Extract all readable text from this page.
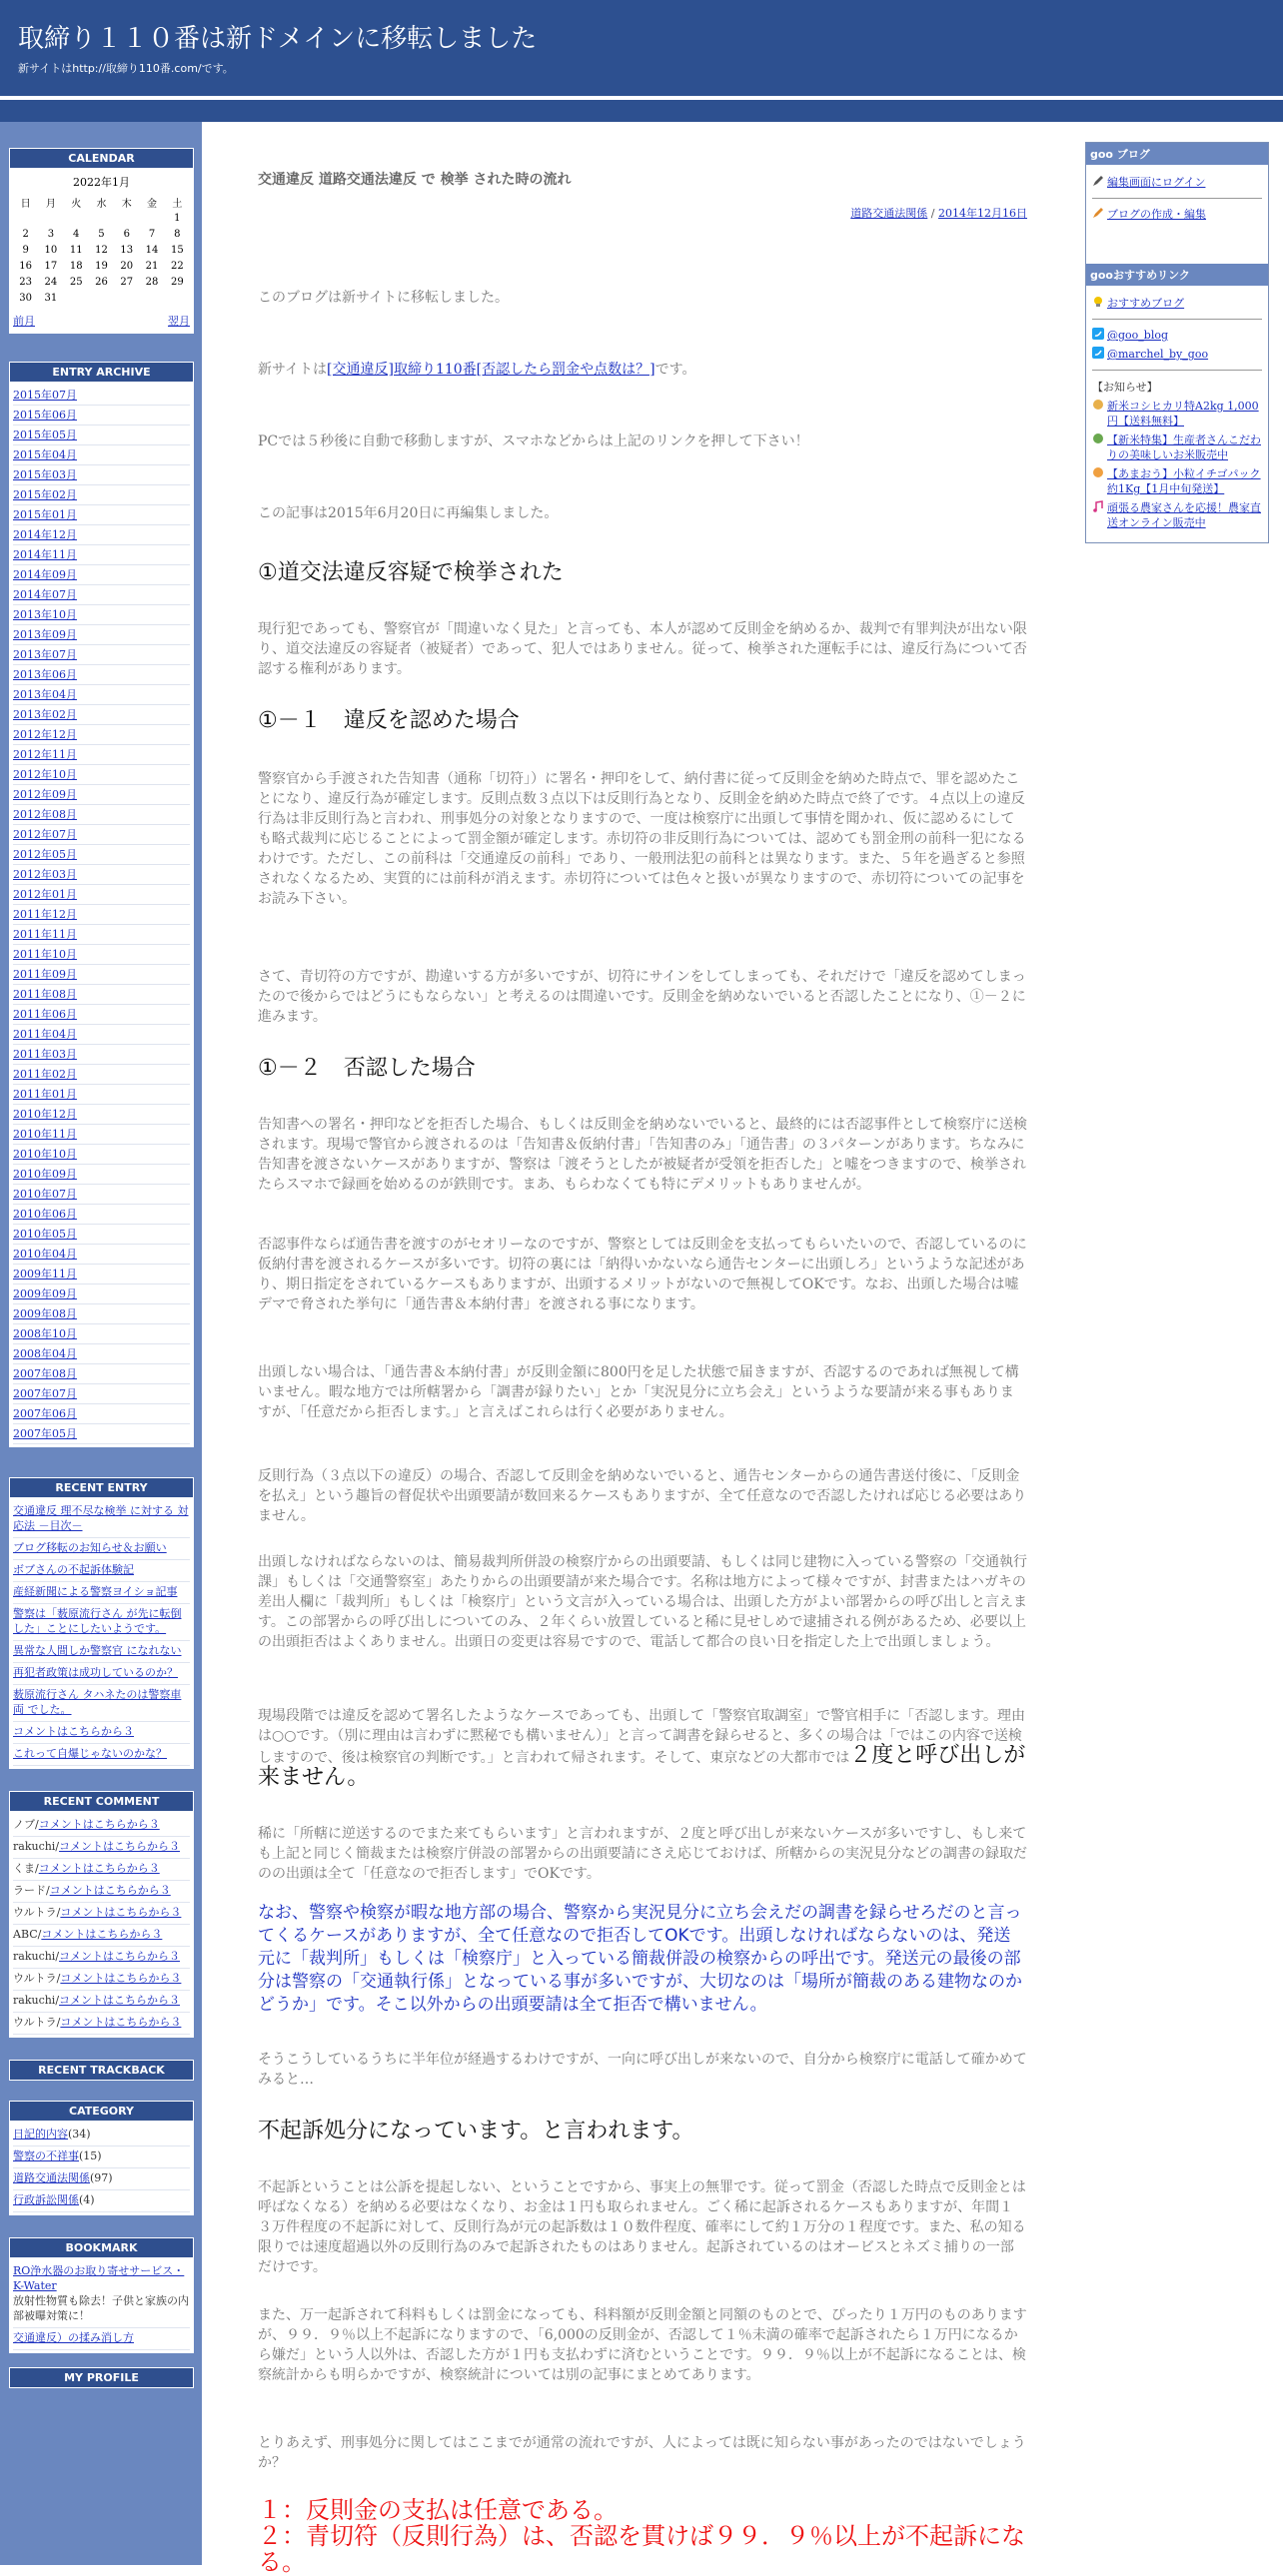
取締り１１０番は新ドメインに移転しました
新サイトはhttp://取締り110番.com/です。
CALENDAR
2022年1月
日	月	火	水	木	金	土
						1
2	3	4	5	6	7	8
9	10	11	12	13	14	15
16	17	18	19	20	21	22
23	24	25	26	27	28	29
30	31					
前月	翌月
ENTRY ARCHIVE
2015年07月
2015年06月
2015年05月
2015年04月
2015年03月
2015年02月
2015年01月
2014年12月
2014年11月
2014年09月
2014年07月
2013年10月
2013年09月
2013年07月
2013年06月
2013年04月
2013年02月
2012年12月
2012年11月
2012年10月
2012年09月
2012年08月
2012年07月
2012年05月
2012年03月
2012年01月
2011年12月
2011年11月
2011年10月
2011年09月
2011年08月
2011年06月
2011年04月
2011年03月
2011年02月
2011年01月
2010年12月
2010年11月
2010年10月
2010年09月
2010年07月
2010年06月
2010年05月
2010年04月
2009年11月
2009年09月
2009年08月
2008年10月
2008年04月
2007年08月
2007年07月
2007年06月
2007年05月
RECENT ENTRY
交通違反 理不尽な検挙 に対する 対応法 －目次－
ブログ移転のお知らせ＆お願い
ボブさんの不起訴体験記
産経新聞による警察ヨイショ記事
警察は「薮原流行さん が先に転倒した」ことにしたいようです。
異常な人間しか警察官 になれない
再犯者政策は成功しているのか？
薮原流行さん タハネたのは警察車両 でした。
コメントはこちらから３
これって自爆じゃないのかな？
RECENT COMMENT
ノブ/コメントはこちらから３
rakuchi/コメントはこちらから３
くま/コメントはこちらから３
ラード/コメントはこちらから３
ウルトラ/コメントはこちらから３
ABC/コメントはこちらから３
rakuchi/コメントはこちらから３
ウルトラ/コメントはこちらから３
rakuchi/コメントはこちらから３
ウルトラ/コメントはこちらから３
RECENT TRACKBACK
CATEGORY
日記的内容(34)
警察の不祥事(15)
道路交通法関係(97)
行政訴訟関係(4)
BOOKMARK
RO浄水器のお取り寄せサービス・K-Water
放射性物質も除去！子供と家族の内部被曝対策に！
交通違反）の揉み消し方
MY PROFILE
交通違反 道路交通法違反 で 検挙 された時の流れ
道路交通法関係 / 2014年12月16日

このブログは新サイトに移転しました。

新サイトは[交通違反]取締り110番[否認したら罰金や点数は？]です。

PCでは５秒後に自動で移動しますが、スマホなどからは上記のリンクを押して下さい！

この記事は2015年6月20日に再編集しました。

①道交法違反容疑で検挙された

現行犯であっても、警察官が「間違いなく見た」と言っても、本人が認めて反則金を納めるか、裁判で有罪判決が出ない限り、道交法違反の容疑者（被疑者）であって、犯人ではありません。従って、検挙された運転手には、違反行為について否認する権利があります。

①－１　違反を認めた場合

警察官から手渡された告知書（通称「切符」）に署名・押印をして、納付書に従って反則金を納めた時点で、罪を認めたことになり、違反行為が確定します。反則点数３点以下は反則行為となり、反則金を納めた時点で終了です。４点以上の違反行為は非反則行為と言われ、刑事処分の対象となりますので、一度は検察庁に出頭して事情を聞かれ、仮に認めるにしても略式裁判に応じることによって罰金額が確定します。赤切符の非反則行為については、認めても罰金刑の前科一犯になるわけです。ただし、この前科は「交通違反の前科」であり、一般刑法犯の前科とは異なります。また、５年を過ぎると参照されなくなるため、実質的には前科が消えます。赤切符については色々と扱いが異なりますので、赤切符についての記事をお読み下さい。

さて、青切符の方ですが、勘違いする方が多いですが、切符にサインをしてしまっても、それだけで「違反を認めてしまったので後からではどうにもならない」と考えるのは間違いです。反則金を納めないでいると否認したことになり、①－２に進みます。

①－２　否認した場合

告知書への署名・押印などを拒否した場合、もしくは反則金を納めないでいると、最終的には否認事件として検察庁に送検されます。現場で警官から渡されるのは「告知書＆仮納付書」「告知書のみ」「通告書」の３パターンがあります。ちなみに告知書を渡さないケースがありますが、警察は「渡そうとしたが被疑者が受領を拒否した」と嘘をつきますので、検挙されたらスマホで録画を始めるのが鉄則です。まあ、もらわなくても特にデメリットもありませんが。

否認事件ならば通告書を渡すのがセオリーなのですが、警察としては反則金を支払ってもらいたいので、否認しているのに仮納付書を渡されるケースが多いです。切符の裏には「納得いかないなら通告センターに出頭しろ」というような記述があり、期日指定をされているケースもありますが、出頭するメリットがないので無視してOKです。なお、出頭した場合は嘘デマで脅された挙句に「通告書＆本納付書」を渡される事になります。

出頭しない場合は、「通告書＆本納付書」が反則金額に800円を足した状態で届きますが、否認するのであれば無視して構いません。暇な地方では所轄署から「調書が録りたい」とか「実況見分に立ち会え」というような要請が来る事もありますが、「任意だから拒否します。」と言えばこれらは行く必要がありません。

反則行為（３点以下の違反）の場合、否認して反則金を納めないでいると、通告センターからの通告書送付後に、「反則金を払え」という趣旨の督促状や出頭要請が数回来るケースもありますが、全て任意なので否認したければ応じる必要はありません。

出頭しなければならないのは、簡易裁判所併設の検察庁からの出頭要請、もしくは同じ建物に入っている警察の「交通執行課」もしくは「交通警察室」あたりからの出頭要請が来た場合です。名称は地方によって様々ですが、封書またはハガキの差出人欄に「裁判所」もしくは「検察庁」という文言が入っている場合は、出頭した方がよい部署からの呼び出しと言えます。この部署からの呼び出しについてのみ、２年くらい放置していると稀に見せしめで逮捕される例があるため、必要以上の出頭拒否はよくありません。出頭日の変更は容易ですので、電話して都合の良い日を指定した上で出頭しましょう。

現場段階では違反を認めて署名したようなケースであっても、出頭して「警察官取調室」で警官相手に「否認します。理由は○○です。（別に理由は言わずに黙秘でも構いません）」と言って調書を録らせると、多くの場合は「ではこの内容で送検しますので、後は検察官の判断です。」と言われて帰されます。そして、東京などの大都市では２度と呼び出しが来ません。

稀に「所轄に逆送するのでまた来てもらいます」と言われますが、２度と呼び出しが来ないケースが多いですし、もし来ても上記と同じく簡裁または検察庁併設の部署からの出頭要請にさえ応じておけば、所轄からの実況見分などの調書の録取だのの出頭は全て「任意なので拒否します」でOKです。

なお、警察や検察が暇な地方部の場合、警察から実況見分に立ち会えだの調書を録らせろだのと言ってくるケースがありますが、全て任意なので拒否してOKです。出頭しなければならないのは、発送元に「裁判所」もしくは「検察庁」と入っている簡裁併設の検察からの呼出です。発送元の最後の部分は警察の「交通執行係」となっている事が多いですが、大切なのは「場所が簡裁のある建物なのかどうか」です。そこ以外からの出頭要請は全て拒否で構いません。

そうこうしているうちに半年位が経過するわけですが、一向に呼び出しが来ないので、自分から検察庁に電話して確かめてみると…

不起訴処分になっています。と言われます。

不起訴ということは公訴を提起しない、ということですから、事実上の無罪です。従って罰金（否認した時点で反則金とは呼ばなくなる）を納める必要はなくなり、お金は１円も取られません。ごく稀に起訴されるケースもありますが、年間１３万件程度の不起訴に対して、反則行為が元の起訴数は１０数件程度、確率にして約１万分の１程度です。また、私の知る限りでは速度超過以外の反則行為のみで起訴されたものはありません。起訴されているのはオービスとネズミ捕りの一部だけです。

また、万一起訴されて科料もしくは罰金になっても、科料額が反則金額と同額のものとで、ぴったり１万円のものありますが、９９．９％以上不起訴になりますので、「6,000の反則金が、否認して１％未満の確率で起訴されたら１万円になるから嫌だ」という人以外は、否認した方が１円も支払わずに済むということです。９９．９％以上が不起訴になることは、検察統計からも明らかですが、検察統計については別の記事にまとめてあります。

とりあえず、刑事処分に関してはここまでが通常の流れですが、人によっては既に知らない事があったのではないでしょうか？

１：反則金の支払は任意である。

２：青切符（反則行為）は、否認を貫けば９９．９％以上が不起訴になる。

goo ブログ
編集画面にログイン
ブログの作成・編集
gooおすすめリンク
おすすめブログ
@goo_blog
@marchel_by_goo
【お知らせ】
新米コシヒカリ特A2kg 1,000円【送料無料】
【新米特集】生産者さんこだわりの美味しいお米販売中
【あまおう】小粒イチゴパック約1Kg【1月中旬発送】
頑張る農家さんを応援！農家直送オンライン販売中
